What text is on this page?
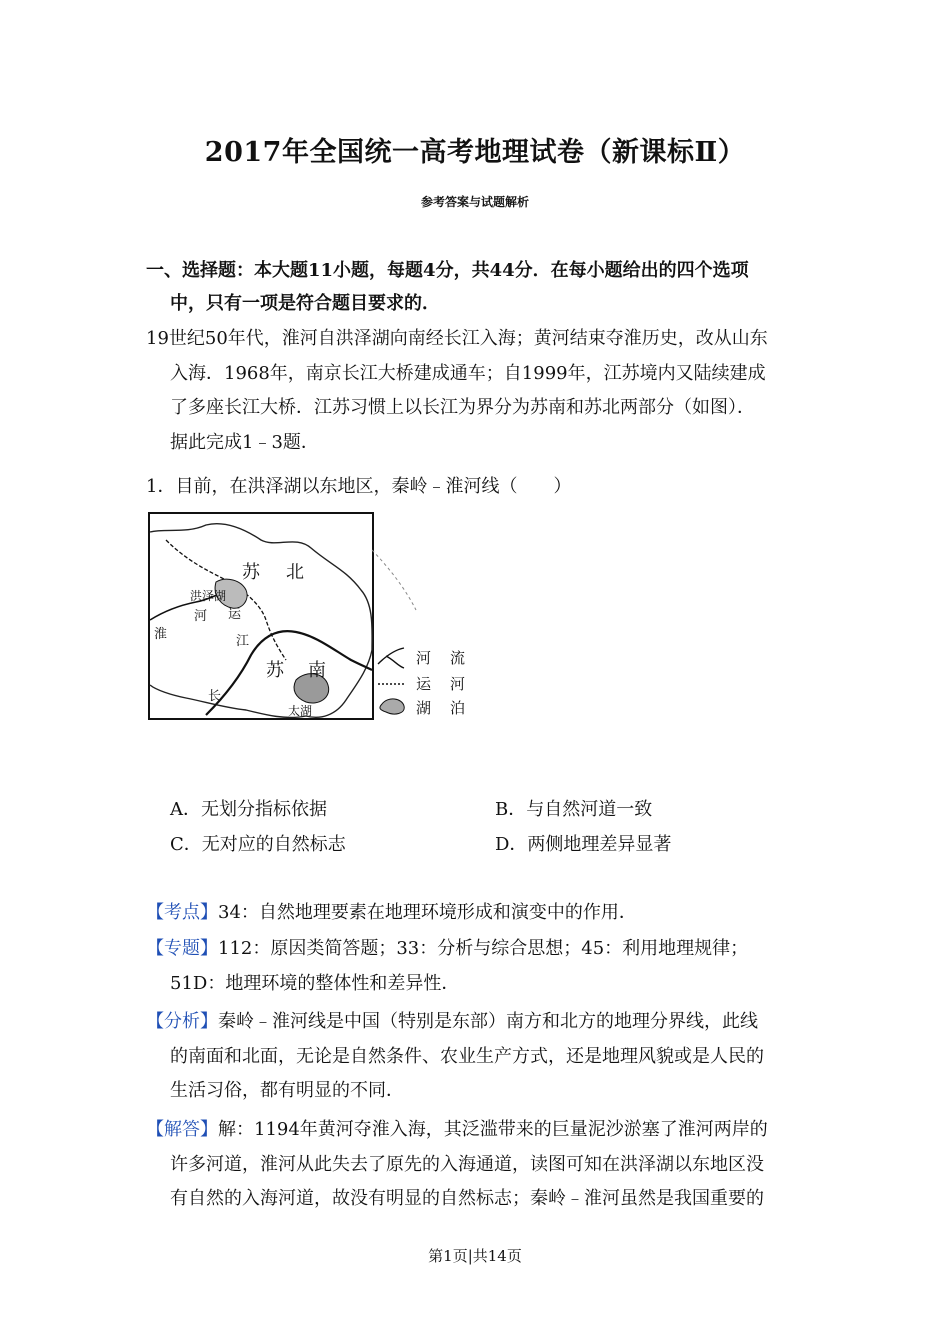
2017年全国统一高考地理试卷（新课标Ⅱ）
参考答案与试题解析
一、选择题：本大题11小题，每题4分，共44分．在每小题给出的四个选项
中，只有一项是符合题目要求的．
19世纪50年代，淮河自洪泽湖向南经长江入海；黄河结束夺淮历史，改从山东
入海．1968年，南京长江大桥建成通车；自1999年，江苏境内又陆续建成
了多座长江大桥．江苏习惯上以长江为界分为苏南和苏北两部分（如图）．
据此完成1﹣3题．
1．目前，在洪泽湖以东地区，秦岭﹣淮河线（　　）
苏 北
洪泽湖
河
淮
运
江
苏 南
长
太湖
河 流
运 河
湖 泊
A．无划分指标依据	B．与自然河道一致
C．无对应的自然标志	D．两侧地理差异显著
【考点】34：自然地理要素在地理环境形成和演变中的作用．
【专题】112：原因类简答题；33：分析与综合思想；45：利用地理规律；
51D：地理环境的整体性和差异性．
【分析】秦岭﹣淮河线是中国（特别是东部）南方和北方的地理分界线，此线
的南面和北面，无论是自然条件、农业生产方式，还是地理风貌或是人民的
生活习俗，都有明显的不同．
【解答】解：1194年黄河夺淮入海，其泛滥带来的巨量泥沙淤塞了淮河两岸的
许多河道，淮河从此失去了原先的入海通道，读图可知在洪泽湖以东地区没
有自然的入海河道，故没有明显的自然标志；秦岭﹣淮河虽然是我国重要的
第1页|共14页
